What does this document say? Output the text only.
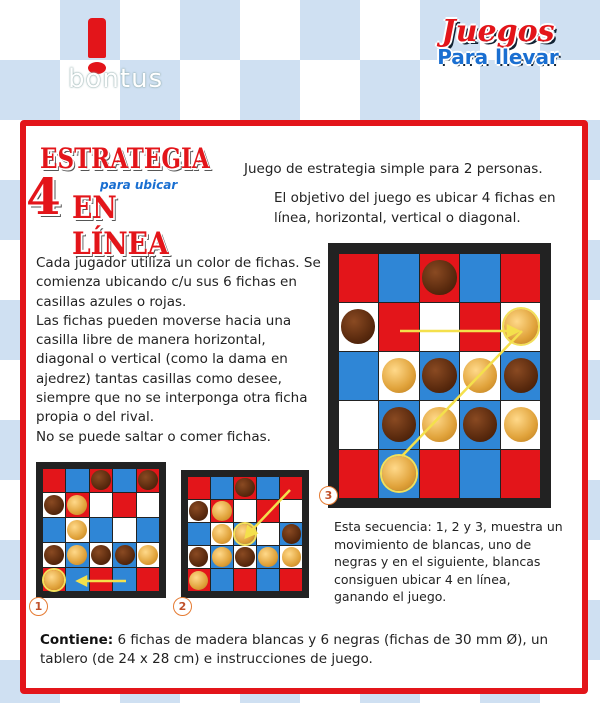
bontus
Juegos
Para llevar
ESTRATEGIA
para ubicar
4 EN LÍNEA
Juego de estrategia simple para 2 personas.
El objetivo del juego es ubicar 4 fichas en línea, horizontal, vertical o diagonal.

Cada jugador utiliza un color de fichas. Se comienza ubicando c/u sus 6 fichas en casillas azules o rojas.

Las fichas pueden moverse hacia una casilla libre de manera horizontal, diagonal o vertical (como la dama en ajedrez) tantas casillas como desee, siempre que no se interponga otra ficha propia o del rival.

No se puede saltar o comer fichas.

1	2
3
Esta secuencia: 1, 2 y 3, muestra un movimiento de blancas, uno de negras y en el siguiente, blancas consiguen ubicar 4 en línea, ganando el juego.
Contiene: 6 fichas de madera blancas y 6 negras (fichas de 30 mm Ø), un tablero (de 24 x 28 cm) e instrucciones de juego.
